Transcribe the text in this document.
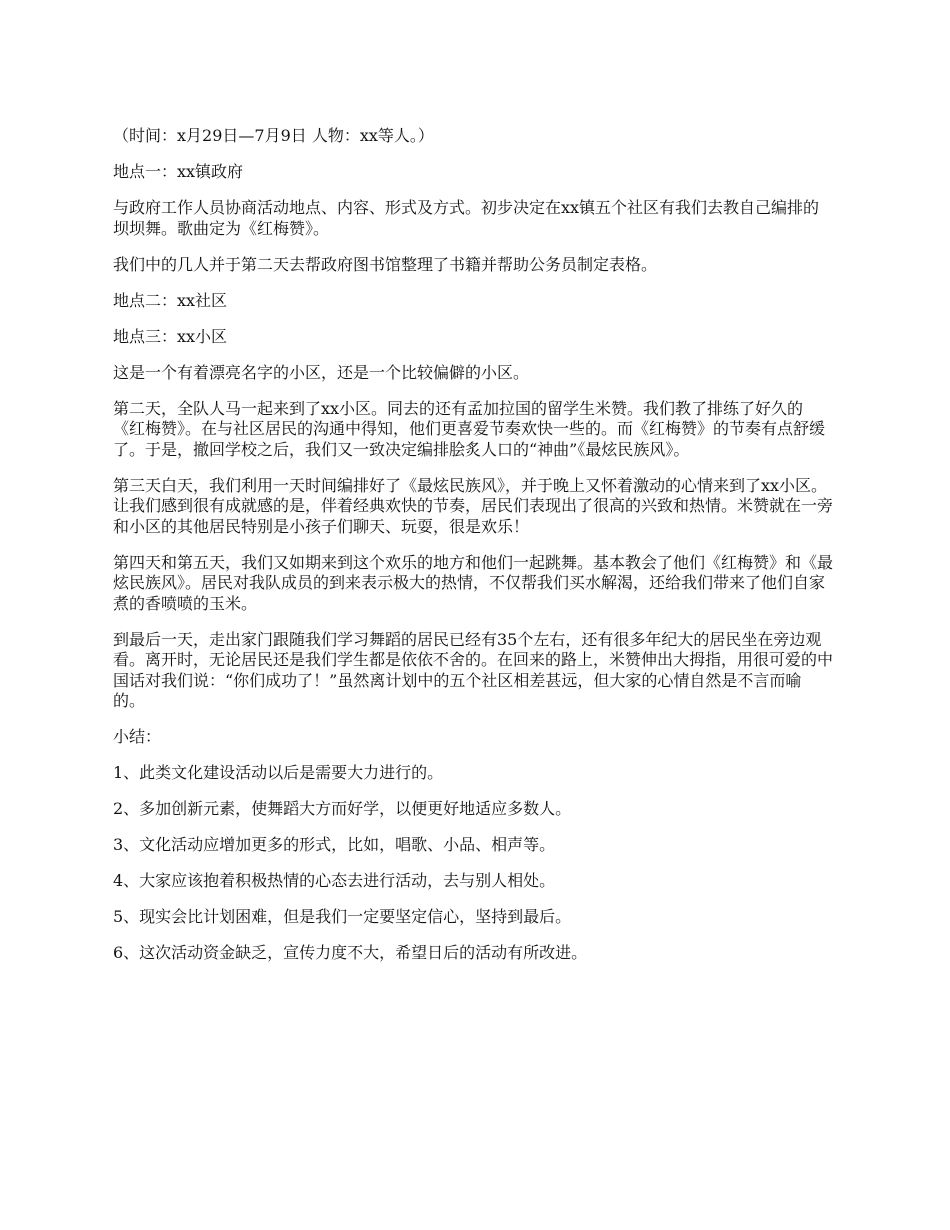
（时间：x月29日—7月9日 人物：xx等人。）

地点一：xx镇政府

与政府工作人员协商活动地点、内容、形式及方式。初步决定在xx镇五个社区有我们去教自己编排的坝坝舞。歌曲定为《红梅赞》。

我们中的几人并于第二天去帮政府图书馆整理了书籍并帮助公务员制定表格。

地点二：xx社区

地点三：xx小区

这是一个有着漂亮名字的小区，还是一个比较偏僻的小区。

第二天，全队人马一起来到了xx小区。同去的还有孟加拉国的留学生米赞。我们教了排练了好久的《红梅赞》。在与社区居民的沟通中得知，他们更喜爱节奏欢快一些的。而《红梅赞》的节奏有点舒缓了。于是，撤回学校之后，我们又一致决定编排脍炙人口的“神曲”《最炫民族风》。

第三天白天，我们利用一天时间编排好了《最炫民族风》，并于晚上又怀着激动的心情来到了xx小区。让我们感到很有成就感的是，伴着经典欢快的节奏，居民们表现出了很高的兴致和热情。米赞就在一旁和小区的其他居民特别是小孩子们聊天、玩耍，很是欢乐！

第四天和第五天，我们又如期来到这个欢乐的地方和他们一起跳舞。基本教会了他们《红梅赞》和《最炫民族风》。居民对我队成员的到来表示极大的热情，不仅帮我们买水解渴，还给我们带来了他们自家煮的香喷喷的玉米。

到最后一天，走出家门跟随我们学习舞蹈的居民已经有35个左右，还有很多年纪大的居民坐在旁边观看。离开时，无论居民还是我们学生都是依依不舍的。在回来的路上，米赞伸出大拇指，用很可爱的中国话对我们说：“你们成功了！”虽然离计划中的五个社区相差甚远，但大家的心情自然是不言而喻的。

小结：

1、此类文化建设活动以后是需要大力进行的。

2、多加创新元素，使舞蹈大方而好学，以便更好地适应多数人。

3、文化活动应增加更多的形式，比如，唱歌、小品、相声等。

4、大家应该抱着积极热情的心态去进行活动，去与别人相处。

5、现实会比计划困难，但是我们一定要坚定信心，坚持到最后。

6、这次活动资金缺乏，宣传力度不大，希望日后的活动有所改进。
